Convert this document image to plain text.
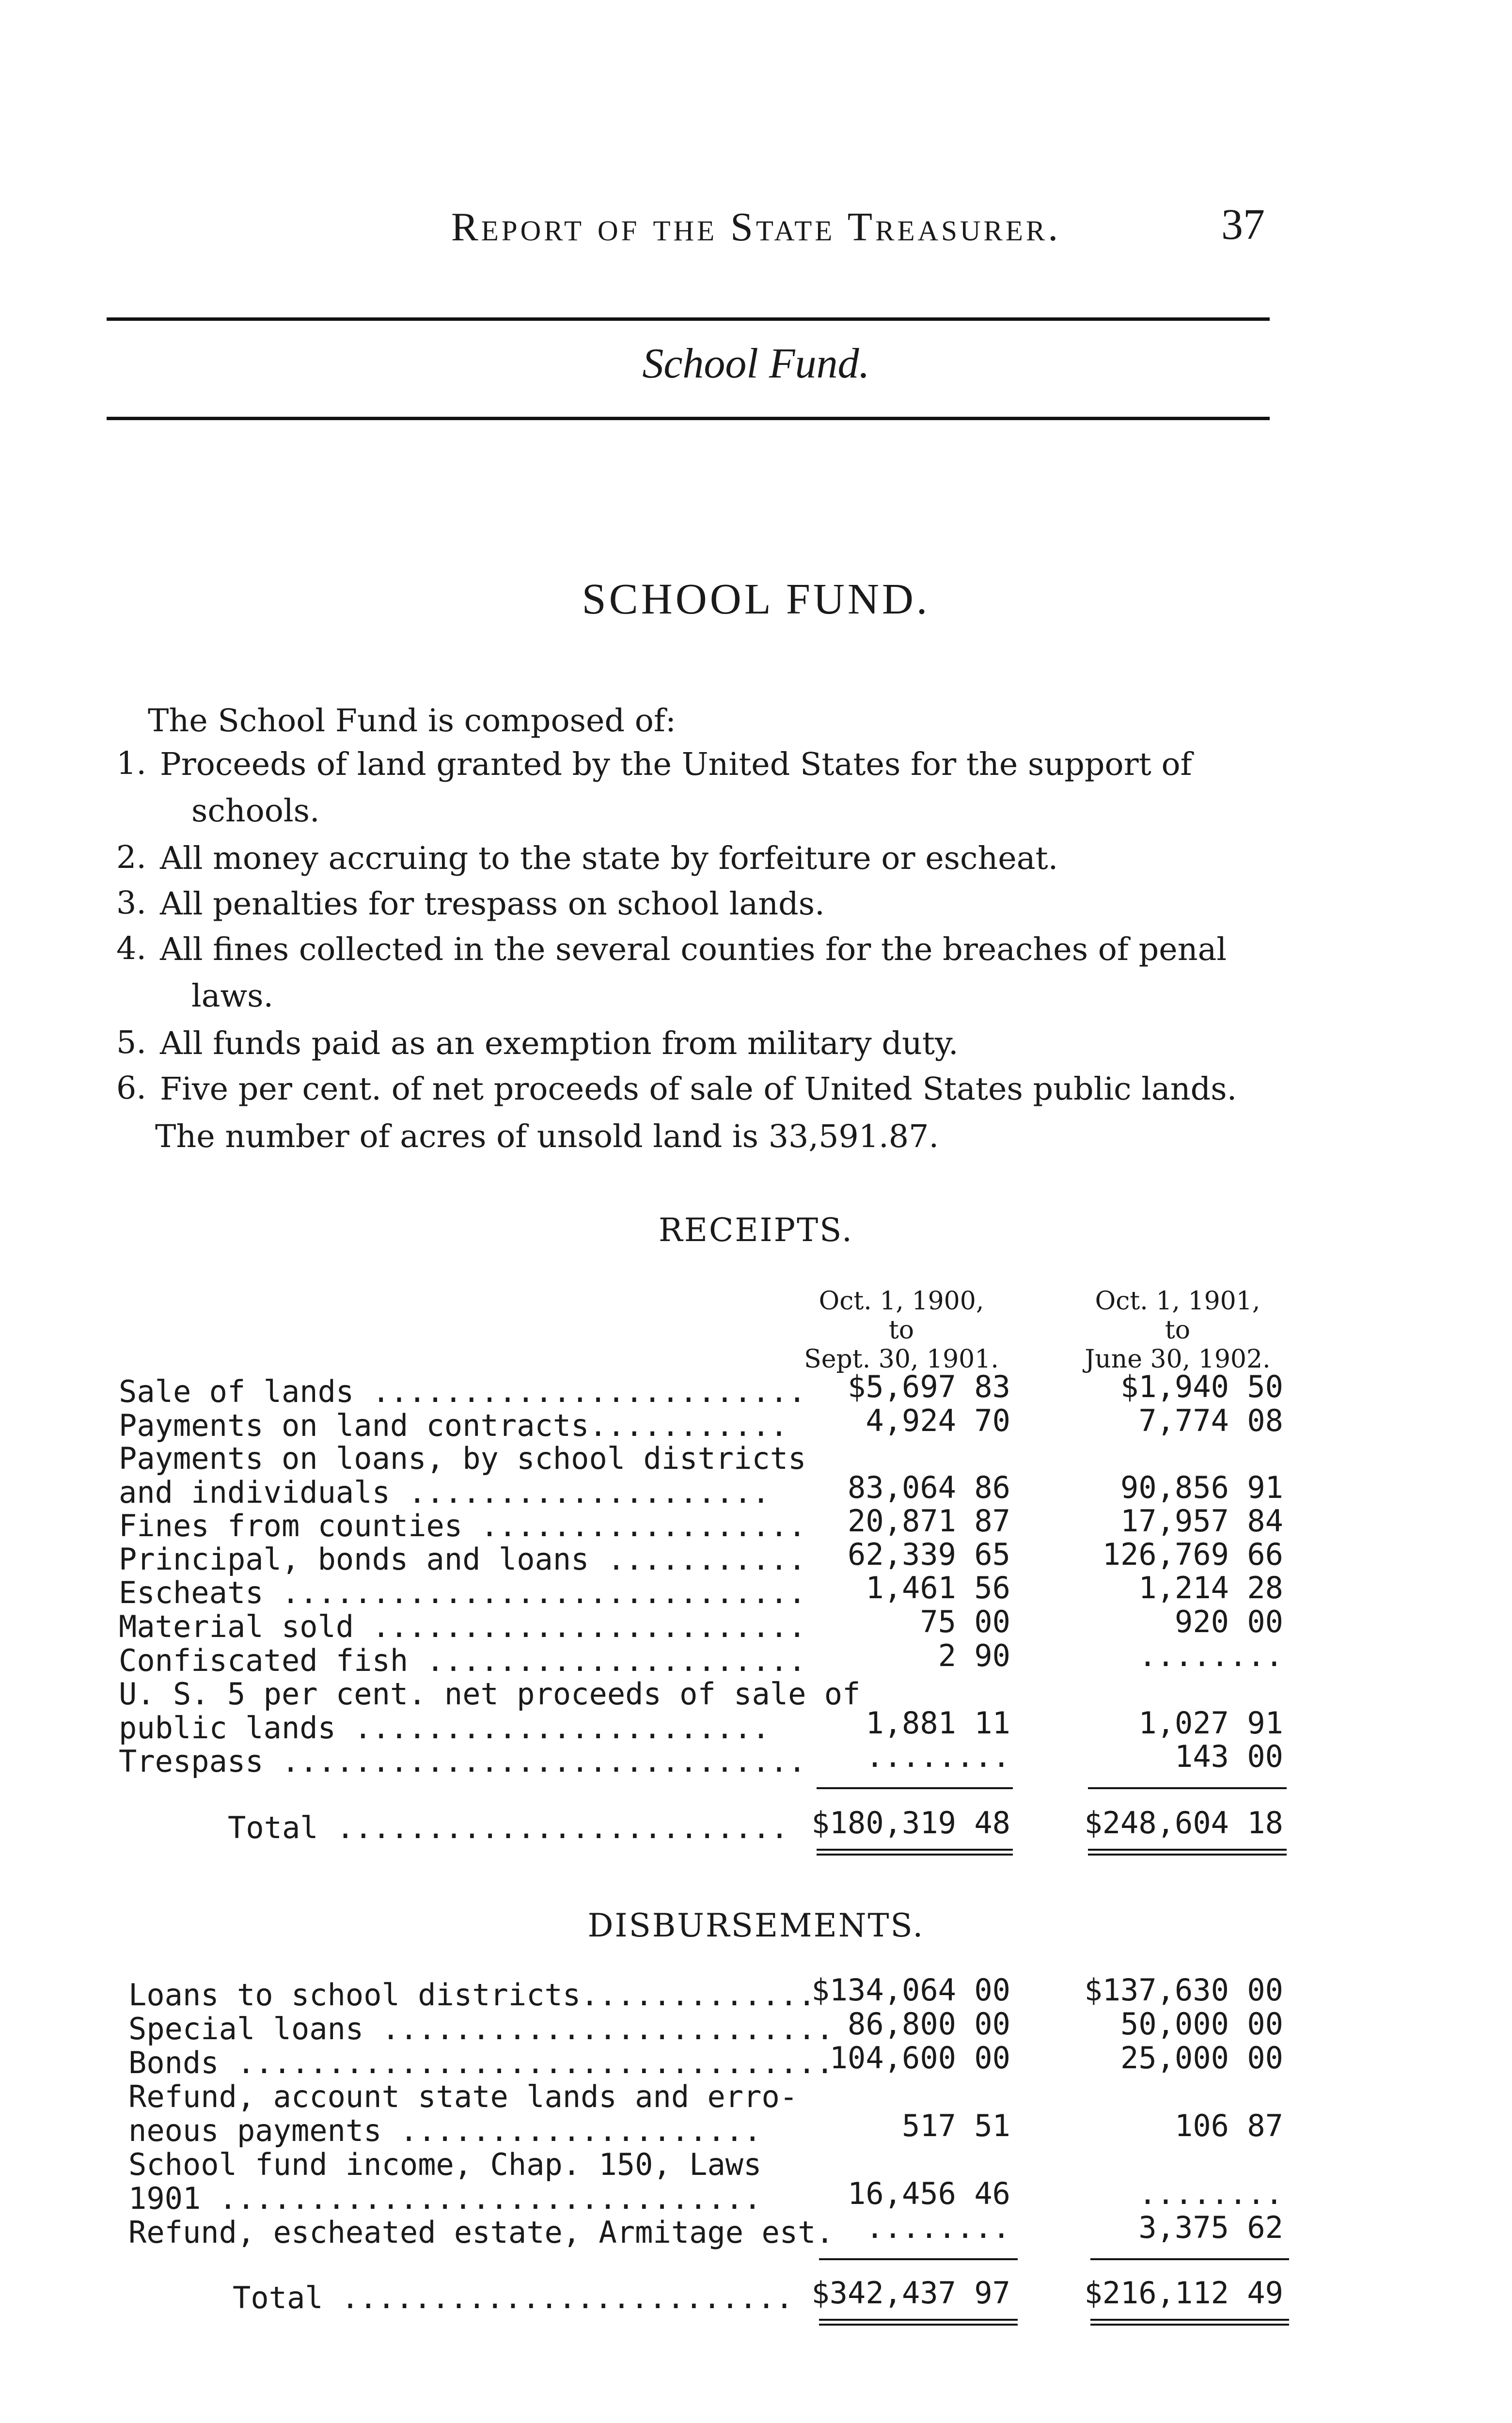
Report of the State Treasurer.	37
School Fund.
SCHOOL FUND.
The School Fund is composed of:
1. Proceeds of land granted by the United States for the support of
schools.
2. All money accruing to the state by forfeiture or escheat.
3. All penalties for trespass on school lands.
4. All fines collected in the several counties for the breaches of penal
laws.
5. All funds paid as an exemption from military duty.
6. Five per cent. of net proceeds of sale of United States public lands.
The number of acres of unsold land is 33,591.87.
RECEIPTS.
Oct. 1, 1900,
to
Sept. 30, 1901.
Oct. 1, 1901,
to
June 30, 1902.
Sale of lands ........................ $5,697 83	$1,940 50
Payments on land contracts...........	4,924 70	7,774 08
Payments on loans, by school districts
and individuals ....................	83,064 86	90,856 91
Fines from counties .................. 20,871 87	17,957 84
Principal, bonds and loans ........... 62,339 65	126,769 66
Escheats ............................. 1,461 56	1,214 28
Material sold ........................	75 00	920 00
Confiscated fish .....................	2 90	........
U. S. 5 per cent. net proceeds of sale of
public lands .......................	1,881 11	1,027 91
Trespass ............................. ........	143 00
Total ......................... $180,319 48 $248,604 18
DISBURSEMENTS.
Loans to school districts.............
$134,064 00 $137,630 00
Special loans ......................... 86,800 00	50,000 00
Bonds .................................
104,600 00	25,000 00
Refund, account state lands and erro-
neous payments ....................	517 51	106 87
School fund income, Chap. 150, Laws
1901 ..............................	16,456 46	........
Refund, escheated estate, Armitage est. ........	3,375 62
Total ......................... $342,437 97 $216,112 49
